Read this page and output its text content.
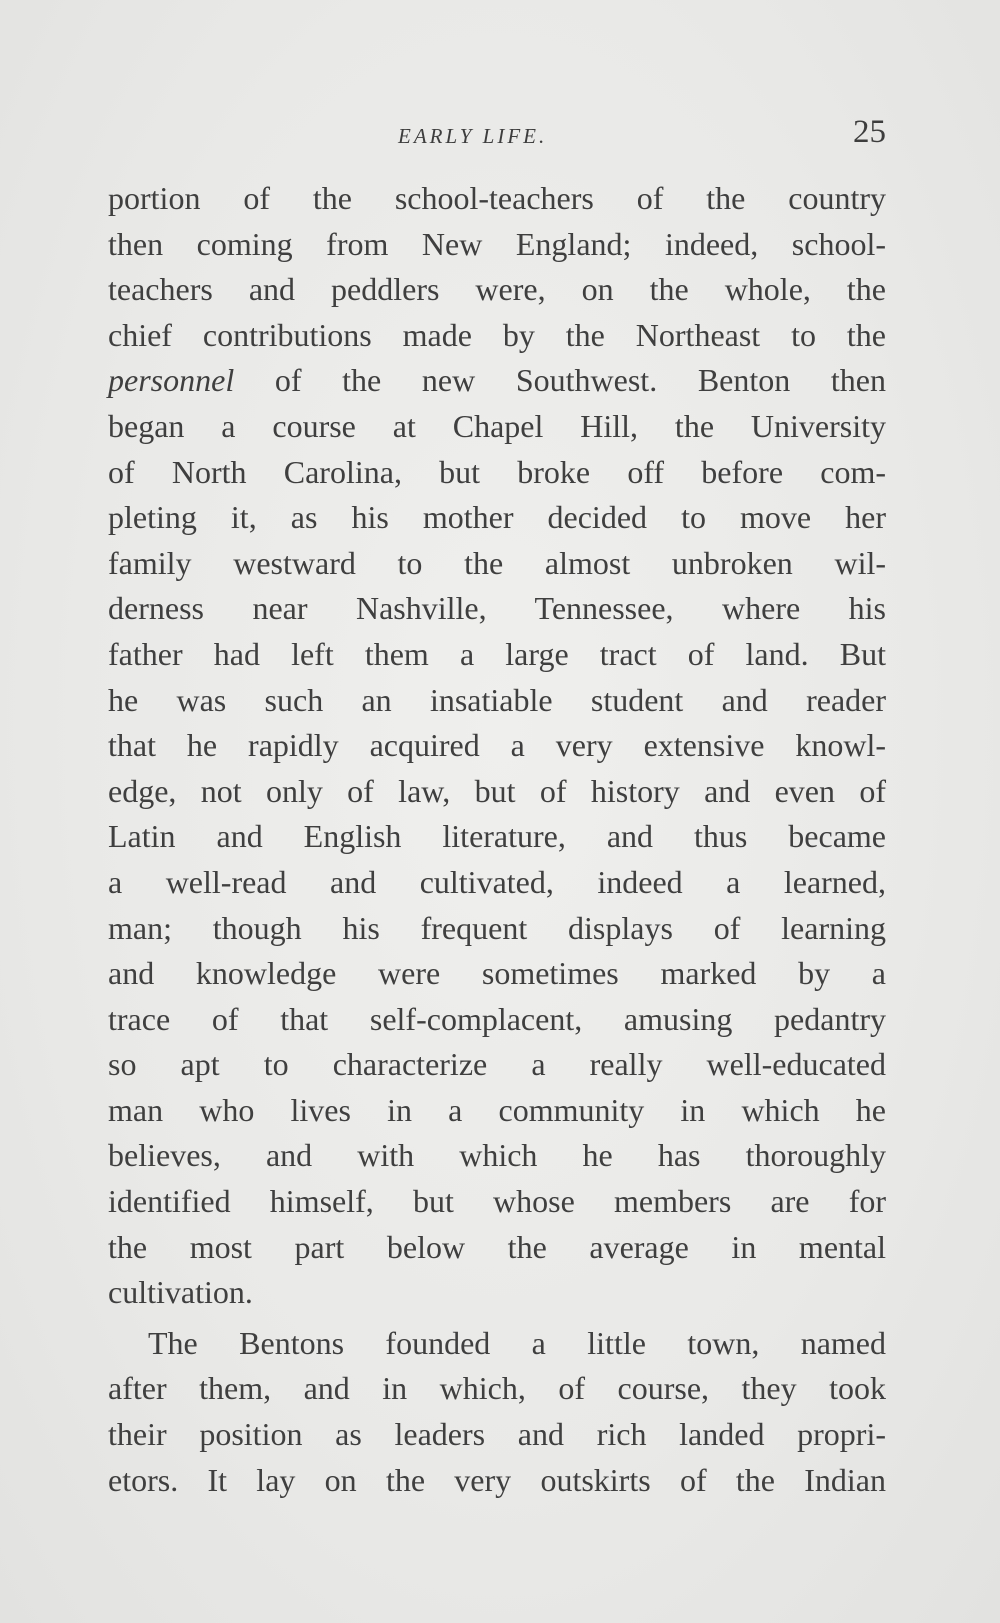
EARLY LIFE.	25
portion of the school-teachers of the country
then coming from New England; indeed, school-
teachers and peddlers were, on the whole, the
chief contributions made by the Northeast to the
personnel of the new Southwest. Benton then
began a course at Chapel Hill, the University
of North Carolina, but broke off before com-
pleting it, as his mother decided to move her
family westward to the almost unbroken wil-
derness near Nashville, Tennessee, where his
father had left them a large tract of land. But
he was such an insatiable student and reader
that he rapidly acquired a very extensive knowl-
edge, not only of law, but of history and even of
Latin and English literature, and thus became
a well-read and cultivated, indeed a learned,
man; though his frequent displays of learning
and knowledge were sometimes marked by a
trace of that self-complacent, amusing pedantry
so apt to characterize a really well-educated
man who lives in a community in which he
believes, and with which he has thoroughly
identified himself, but whose members are for
the most part below the average in mental
cultivation.
The Bentons founded a little town, named
after them, and in which, of course, they took
their position as leaders and rich landed propri-
etors. It lay on the very outskirts of the Indian
